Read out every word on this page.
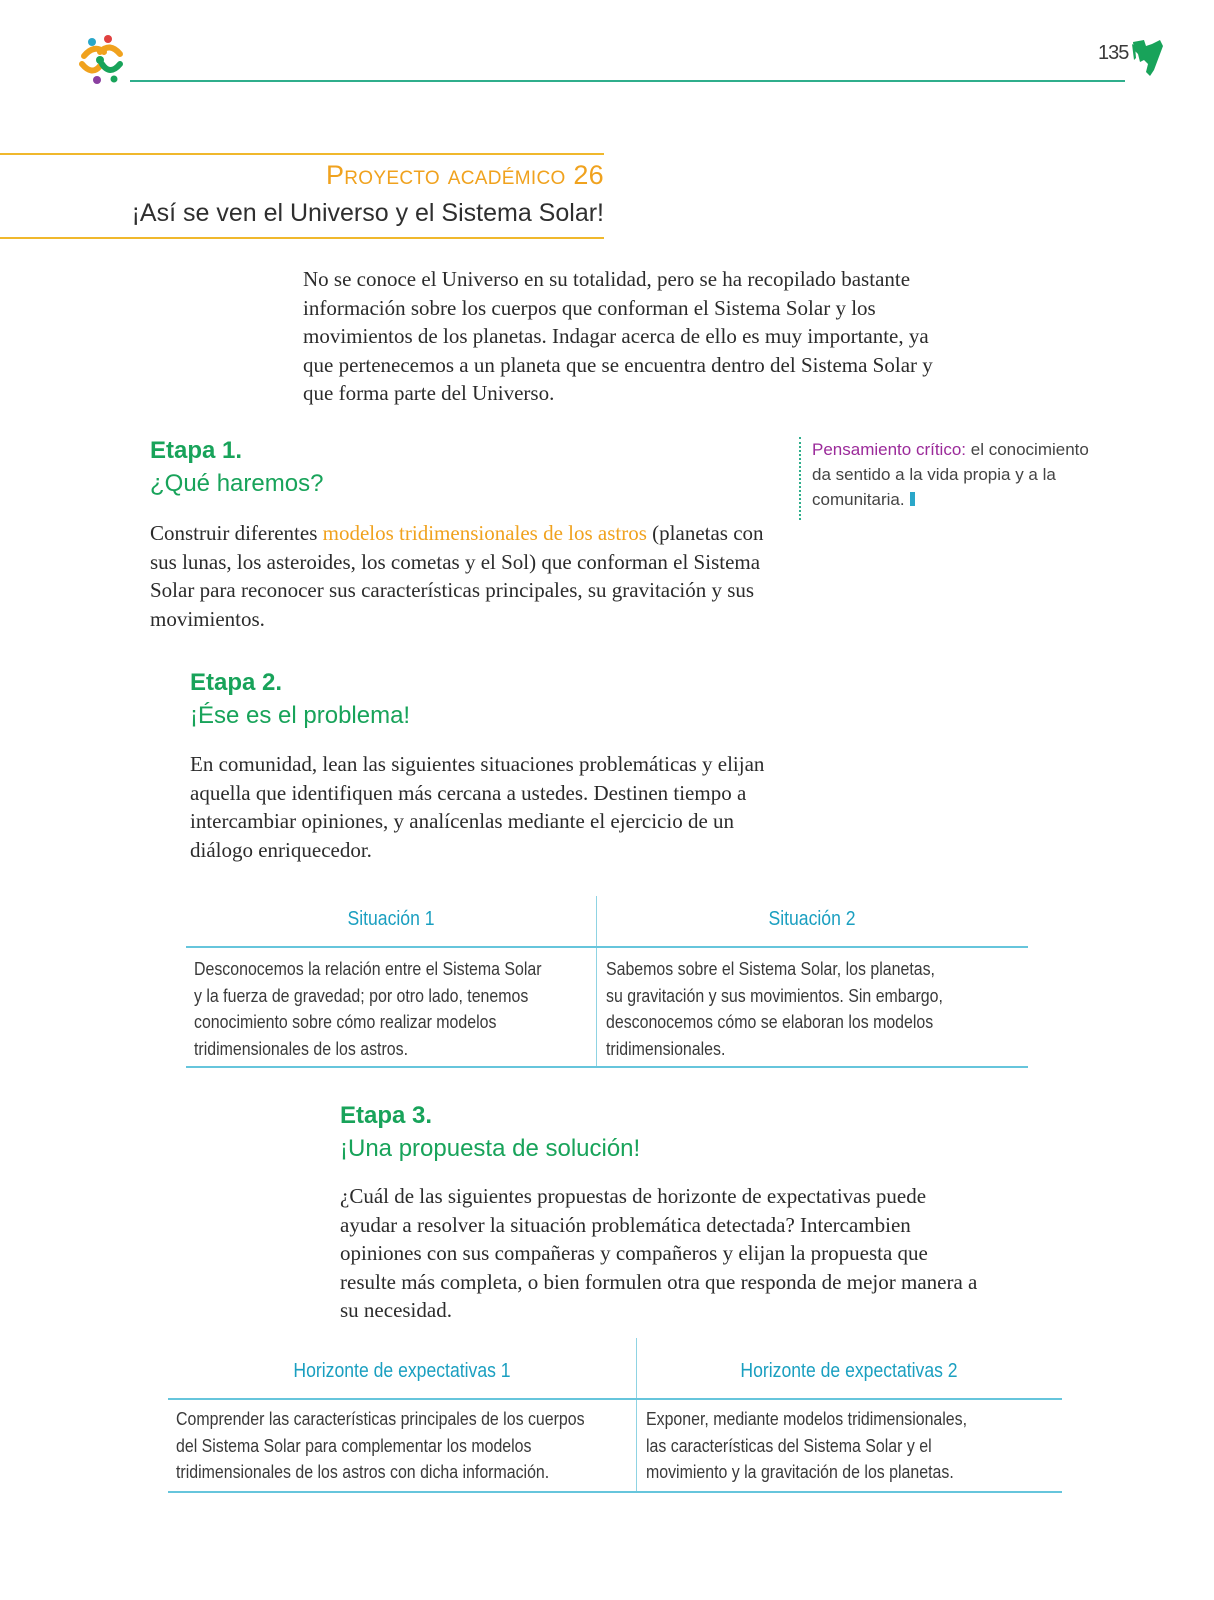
135
Proyecto académico 26
¡Así se ven el Universo y el Sistema Solar!
No se conoce el Universo en su totalidad, pero se ha recopilado bastante información sobre los cuerpos que conforman el Sistema Solar y los movimientos de los planetas. Indagar acerca de ello es muy importante, ya que pertenecemos a un planeta que se encuentra dentro del Sistema Solar y que forma parte del Universo.
Etapa 1.
¿Qué haremos?
Construir diferentes modelos tridimensionales de los astros (planetas con sus lunas, los asteroides, los cometas y el Sol) que conforman el Sistema Solar para reconocer sus características principales, su gravitación y sus movimientos.
Pensamiento crítico: el conocimiento da sentido a la vida propia y a la comunitaria.
Etapa 2.
¡Ése es el problema!
En comunidad, lean las siguientes situaciones problemáticas y elijan aquella que identifiquen más cercana a ustedes. Destinen tiempo a intercambiar opiniones, y analícenlas mediante el ejercicio de un diálogo enriquecedor.
Situación 1	Situación 2
Desconocemos la relación entre el Sistema Solar
y la fuerza de gravedad; por otro lado, tenemos
conocimiento sobre cómo realizar modelos
tridimensionales de los astros.
Sabemos sobre el Sistema Solar, los planetas,
su gravitación y sus movimientos. Sin embargo,
desconocemos cómo se elaboran los modelos
tridimensionales.
Etapa 3.
¡Una propuesta de solución!
¿Cuál de las siguientes propuestas de horizonte de expectativas puede ayudar a resolver la situación problemática detectada? Intercambien opiniones con sus compañeras y compañeros y elijan la propuesta que resulte más completa, o bien formulen otra que responda de mejor manera a su necesidad.
Horizonte de expectativas 1	Horizonte de expectativas 2
Comprender las características principales de los cuerpos
del Sistema Solar para complementar los modelos
tridimensionales de los astros con dicha información.
Exponer, mediante modelos tridimensionales,
las características del Sistema Solar y el
movimiento y la gravitación de los planetas.
